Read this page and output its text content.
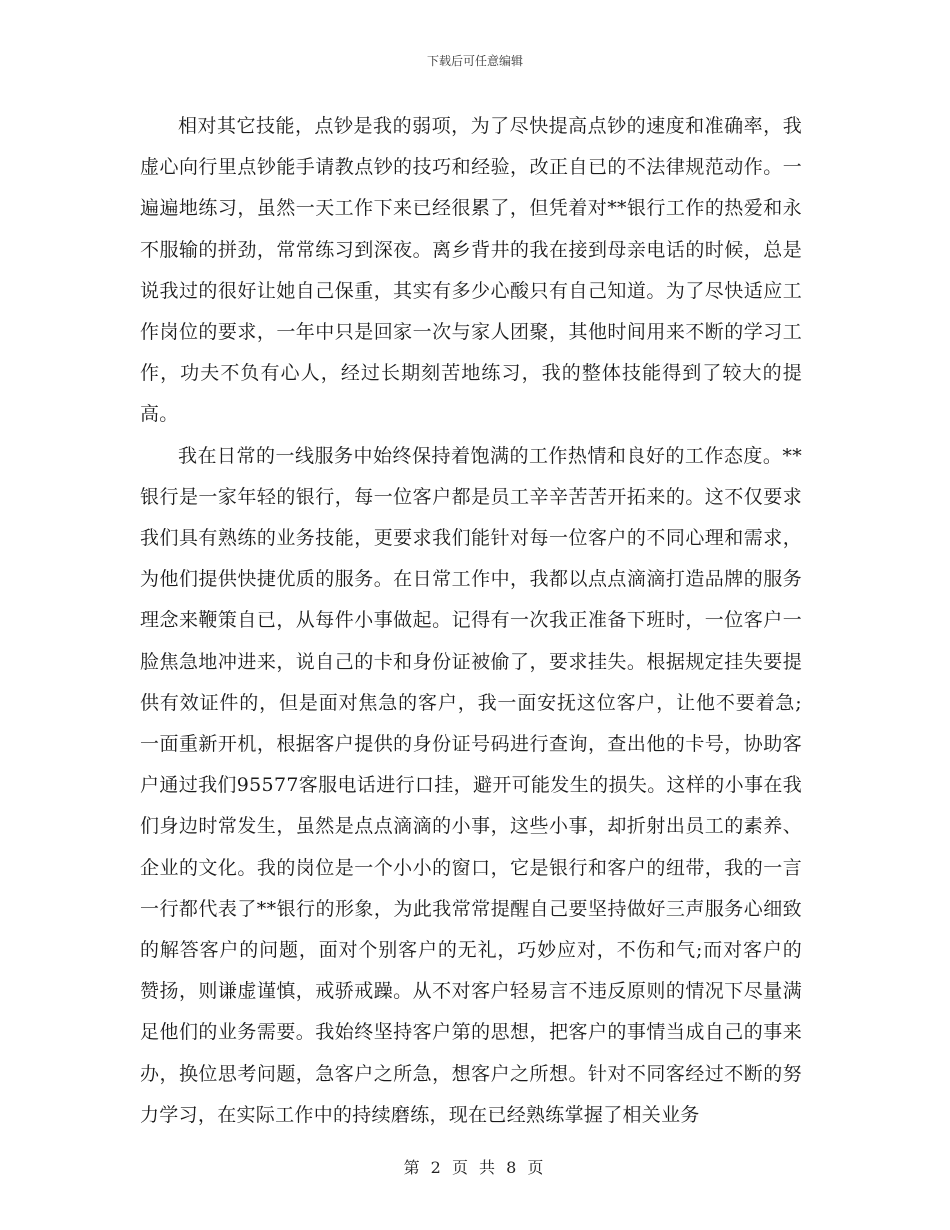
下载后可任意编辑

相对其它技能，点钞是我的弱项，为了尽快提高点钞的速度和准确率，我虚心向行里点钞能手请教点钞的技巧和经验，改正自已的不法律规范动作。一遍遍地练习，虽然一天工作下来已经很累了，但凭着对**银行工作的热爱和永不服输的拼劲，常常练习到深夜。离乡背井的我在接到母亲电话的时候，总是说我过的很好让她自己保重，其实有多少心酸只有自己知道。为了尽快适应工作岗位的要求，一年中只是回家一次与家人团聚，其他时间用来不断的学习工作，功夫不负有心人，经过长期刻苦地练习，我的整体技能得到了较大的提高。

我在日常的一线服务中始终保持着饱满的工作热情和良好的工作态度。**银行是一家年轻的银行，每一位客户都是员工辛辛苦苦开拓来的。这不仅要求我们具有熟练的业务技能，更要求我们能针对每一位客户的不同心理和需求，为他们提供快捷优质的服务。在日常工作中，我都以点点滴滴打造品牌的服务理念来鞭策自已，从每件小事做起。记得有一次我正准备下班时，一位客户一脸焦急地冲进来，说自己的卡和身份证被偷了，要求挂失。根据规定挂失要提供有效证件的，但是面对焦急的客户，我一面安抚这位客户，让他不要着急;一面重新开机，根据客户提供的身份证号码进行查询，查出他的卡号，协助客户通过我们95577客服电话进行口挂，避开可能发生的损失。这样的小事在我们身边时常发生，虽然是点点滴滴的小事，这些小事，却折射出员工的素养、企业的文化。我的岗位是一个小小的窗口，它是银行和客户的纽带，我的一言一行都代表了**银行的形象，为此我常常提醒自己要坚持做好三声服务心细致的解答客户的问题，面对个别客户的无礼，巧妙应对，不伤和气;而对客户的赞扬，则谦虚谨慎，戒骄戒躁。从不对客户轻易言不违反原则的情况下尽量满足他们的业务需要。我始终坚持客户第的思想，把客户的事情当成自己的事来办，换位思考问题，急客户之所急，想客户之所想。针对不同客经过不断的努力学习，在实际工作中的持续磨练，现在已经熟练掌握了相关业务

第 2 页 共 8 页
